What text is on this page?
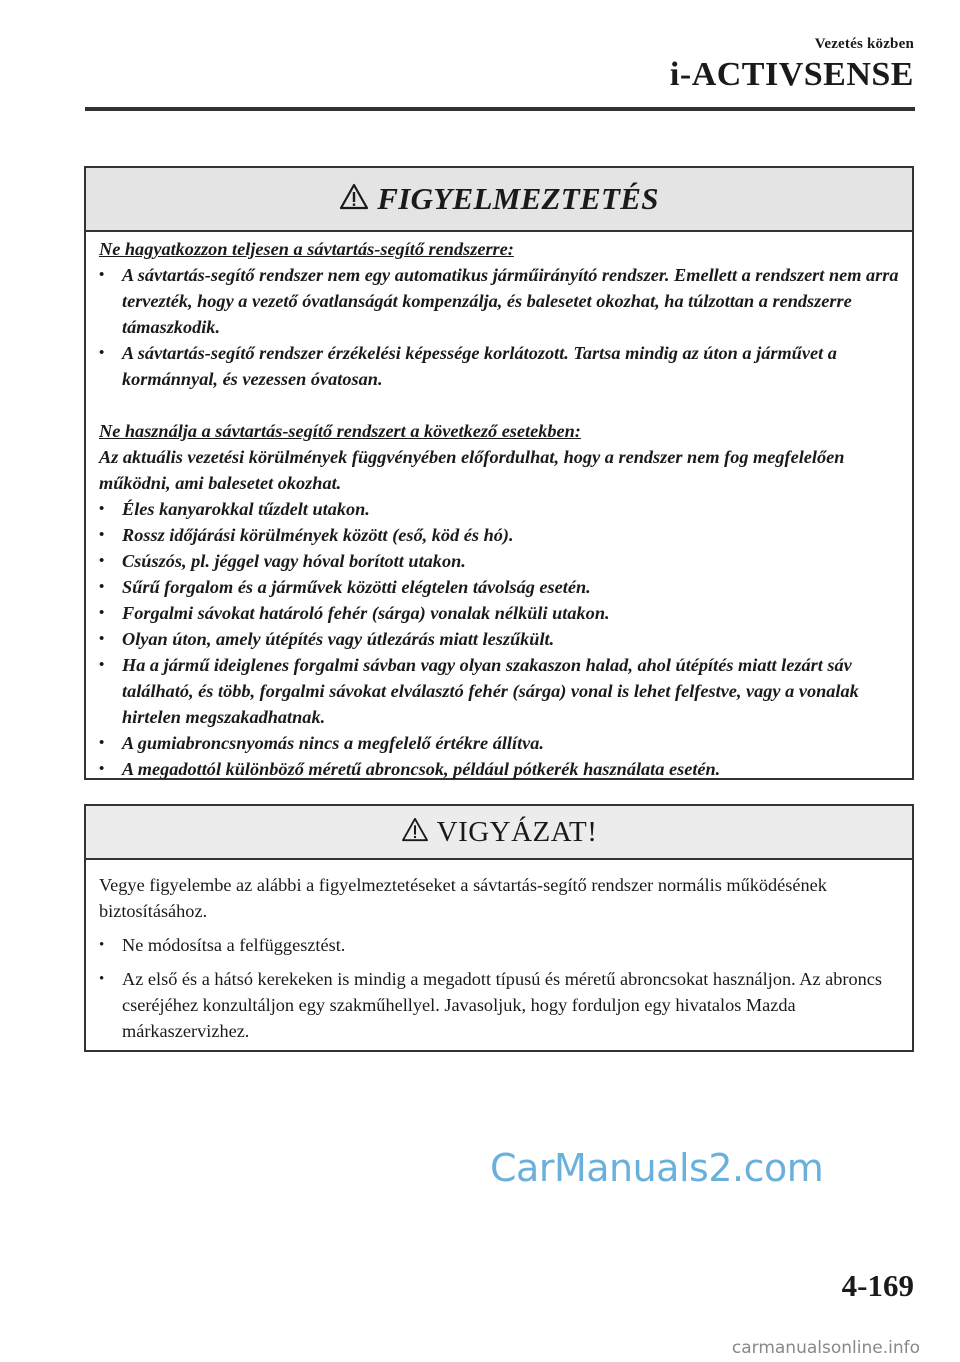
Vezetés közben
i-ACTIVSENSE
FIGYELMEZTETÉS
Ne hagyatkozzon teljesen a sávtartás-segítő rendszerre:
• A sávtartás-segítő rendszer nem egy automatikus járműirányító rendszer. Emellett a rendszert nem arra tervezték, hogy a vezető óvatlanságát kompenzálja, és balesetet okozhat, ha túlzottan a rendszerre támaszkodik.
• A sávtartás-segítő rendszer érzékelési képessége korlátozott. Tartsa mindig az úton a járművet a kormánnyal, és vezessen óvatosan.
Ne használja a sávtartás-segítő rendszert a következő esetekben:
Az aktuális vezetési körülmények függvényében előfordulhat, hogy a rendszer nem fog megfelelően működni, ami balesetet okozhat.
• Éles kanyarokkal tűzdelt utakon.
• Rossz időjárási körülmények között (eső, köd és hó).
• Csúszós, pl. jéggel vagy hóval borított utakon.
• Sűrű forgalom és a járművek közötti elégtelen távolság esetén.
• Forgalmi sávokat határoló fehér (sárga) vonalak nélküli utakon.
• Olyan úton, amely útépítés vagy útlezárás miatt leszűkült.
• Ha a jármű ideiglenes forgalmi sávban vagy olyan szakaszon halad, ahol útépítés miatt lezárt sáv található, és több, forgalmi sávokat elválasztó fehér (sárga) vonal is lehet felfestve, vagy a vonalak hirtelen megszakadhatnak.
• A gumiabroncsnyomás nincs a megfelelő értékre állítva.
• A megadottól különböző méretű abroncsok, például pótkerék használata esetén.
VIGYÁZAT!
Vegye figyelembe az alábbi a figyelmeztetéseket a sávtartás-segítő rendszer normális működésének biztosításához.
• Ne módosítsa a felfüggesztést.
• Az első és a hátsó kerekeken is mindig a megadott típusú és méretű abroncsokat használjon. Az abroncs cseréjéhez konzultáljon egy szakműhellyel. Javasoljuk, hogy forduljon egy hivatalos Mazda márkaszervizhez.
CarManuals2.com
4-169
carmanualsonline.info
